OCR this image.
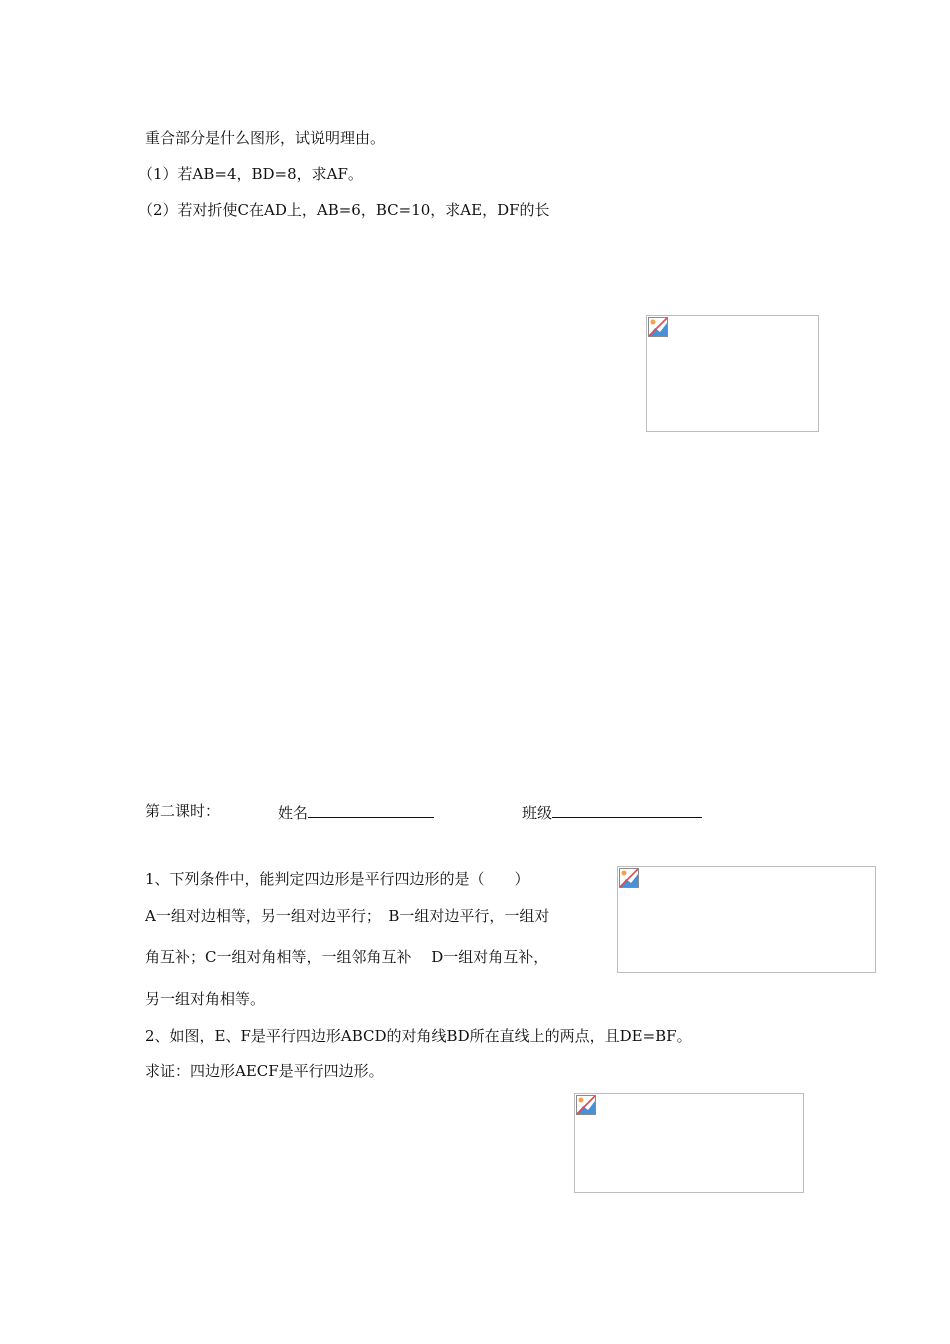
重合部分是什么图形，试说明理由。
（1）若AB=4，BD=8，求AF。
（2）若对折使C在AD上，AB=6，BC=10，求AE，DF的长
第二课时：	姓名	班级
1、下列条件中，能判定四边形是平行四边形的是（　　）
A一组对边相等，另一组对边平行；　B一组对边平行，一组对
角互补；C一组对角相等，一组邻角互补　 D一组对角互补，
另一组对角相等。
2、如图，E、F是平行四边形ABCD的对角线BD所在直线上的两点，且DE=BF。
求证：四边形AECF是平行四边形。
